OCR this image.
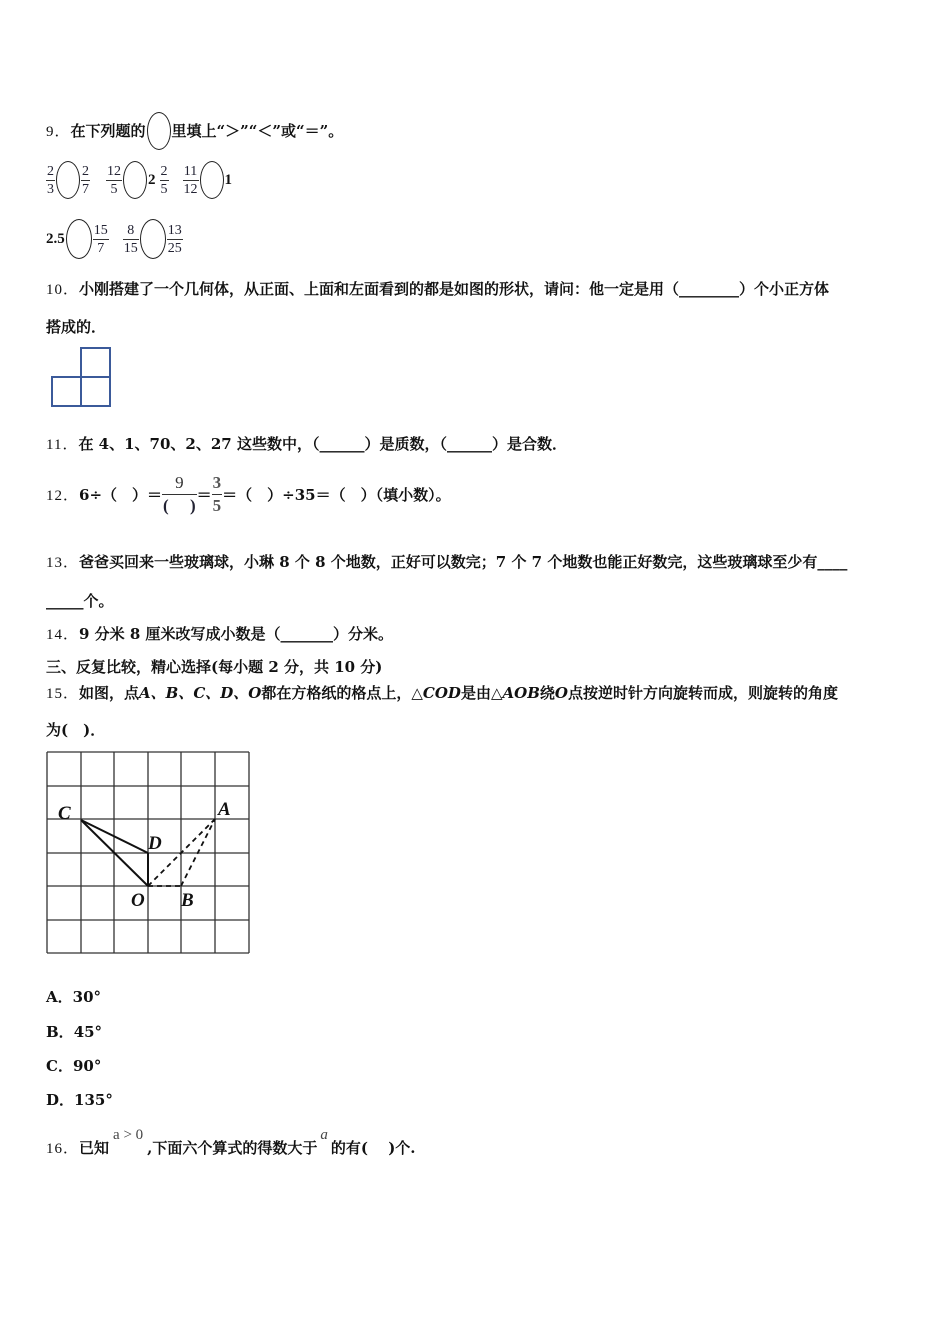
9．在下列题的 里填上“＞”“＜”或“＝”。
$\frac{2}{3} \frac{2}{7} \frac{12}{5} 2 \frac{2}{5} \frac{11}{12} 1$
$2.5 \frac{15}{7} \frac{8}{15} \frac{13}{25}$
10．小刚搭建了一个几何体，从正面、上面和左面看到的都是如图的形状，请问：他一定是用（________）个小正方体
搭成的．
11．在 4、1、70、2、27 这些数中，（______）是质数，（______）是合数．
12． 6÷（　）＝ $\frac{9}{( )} = \frac{3}{5}$ ＝（　）÷35＝（　）（填小数）。
13．爸爸买回来一些玻璃球，小琳 8 个 8 个地数，正好可以数完；7 个 7 个地数也能正好数完，这些玻璃球至少有____
_____个。
14．9 分米 8 厘米改写成小数是（_______）分米。
三、反复比较，精心选择(每小题 2 分，共 10 分)
15．如图，点A、B、C、D、O都在方格纸的格点上，△COD是由△AOB绕O点按逆时针方向旋转而成，则旋转的角度
为(　)．
C	A
D
O B
A．30°
B．45°
C．90°
D．135°
16． 已知
a > 0
,下面六个算式的得数大于
a
的有(　 )个.
